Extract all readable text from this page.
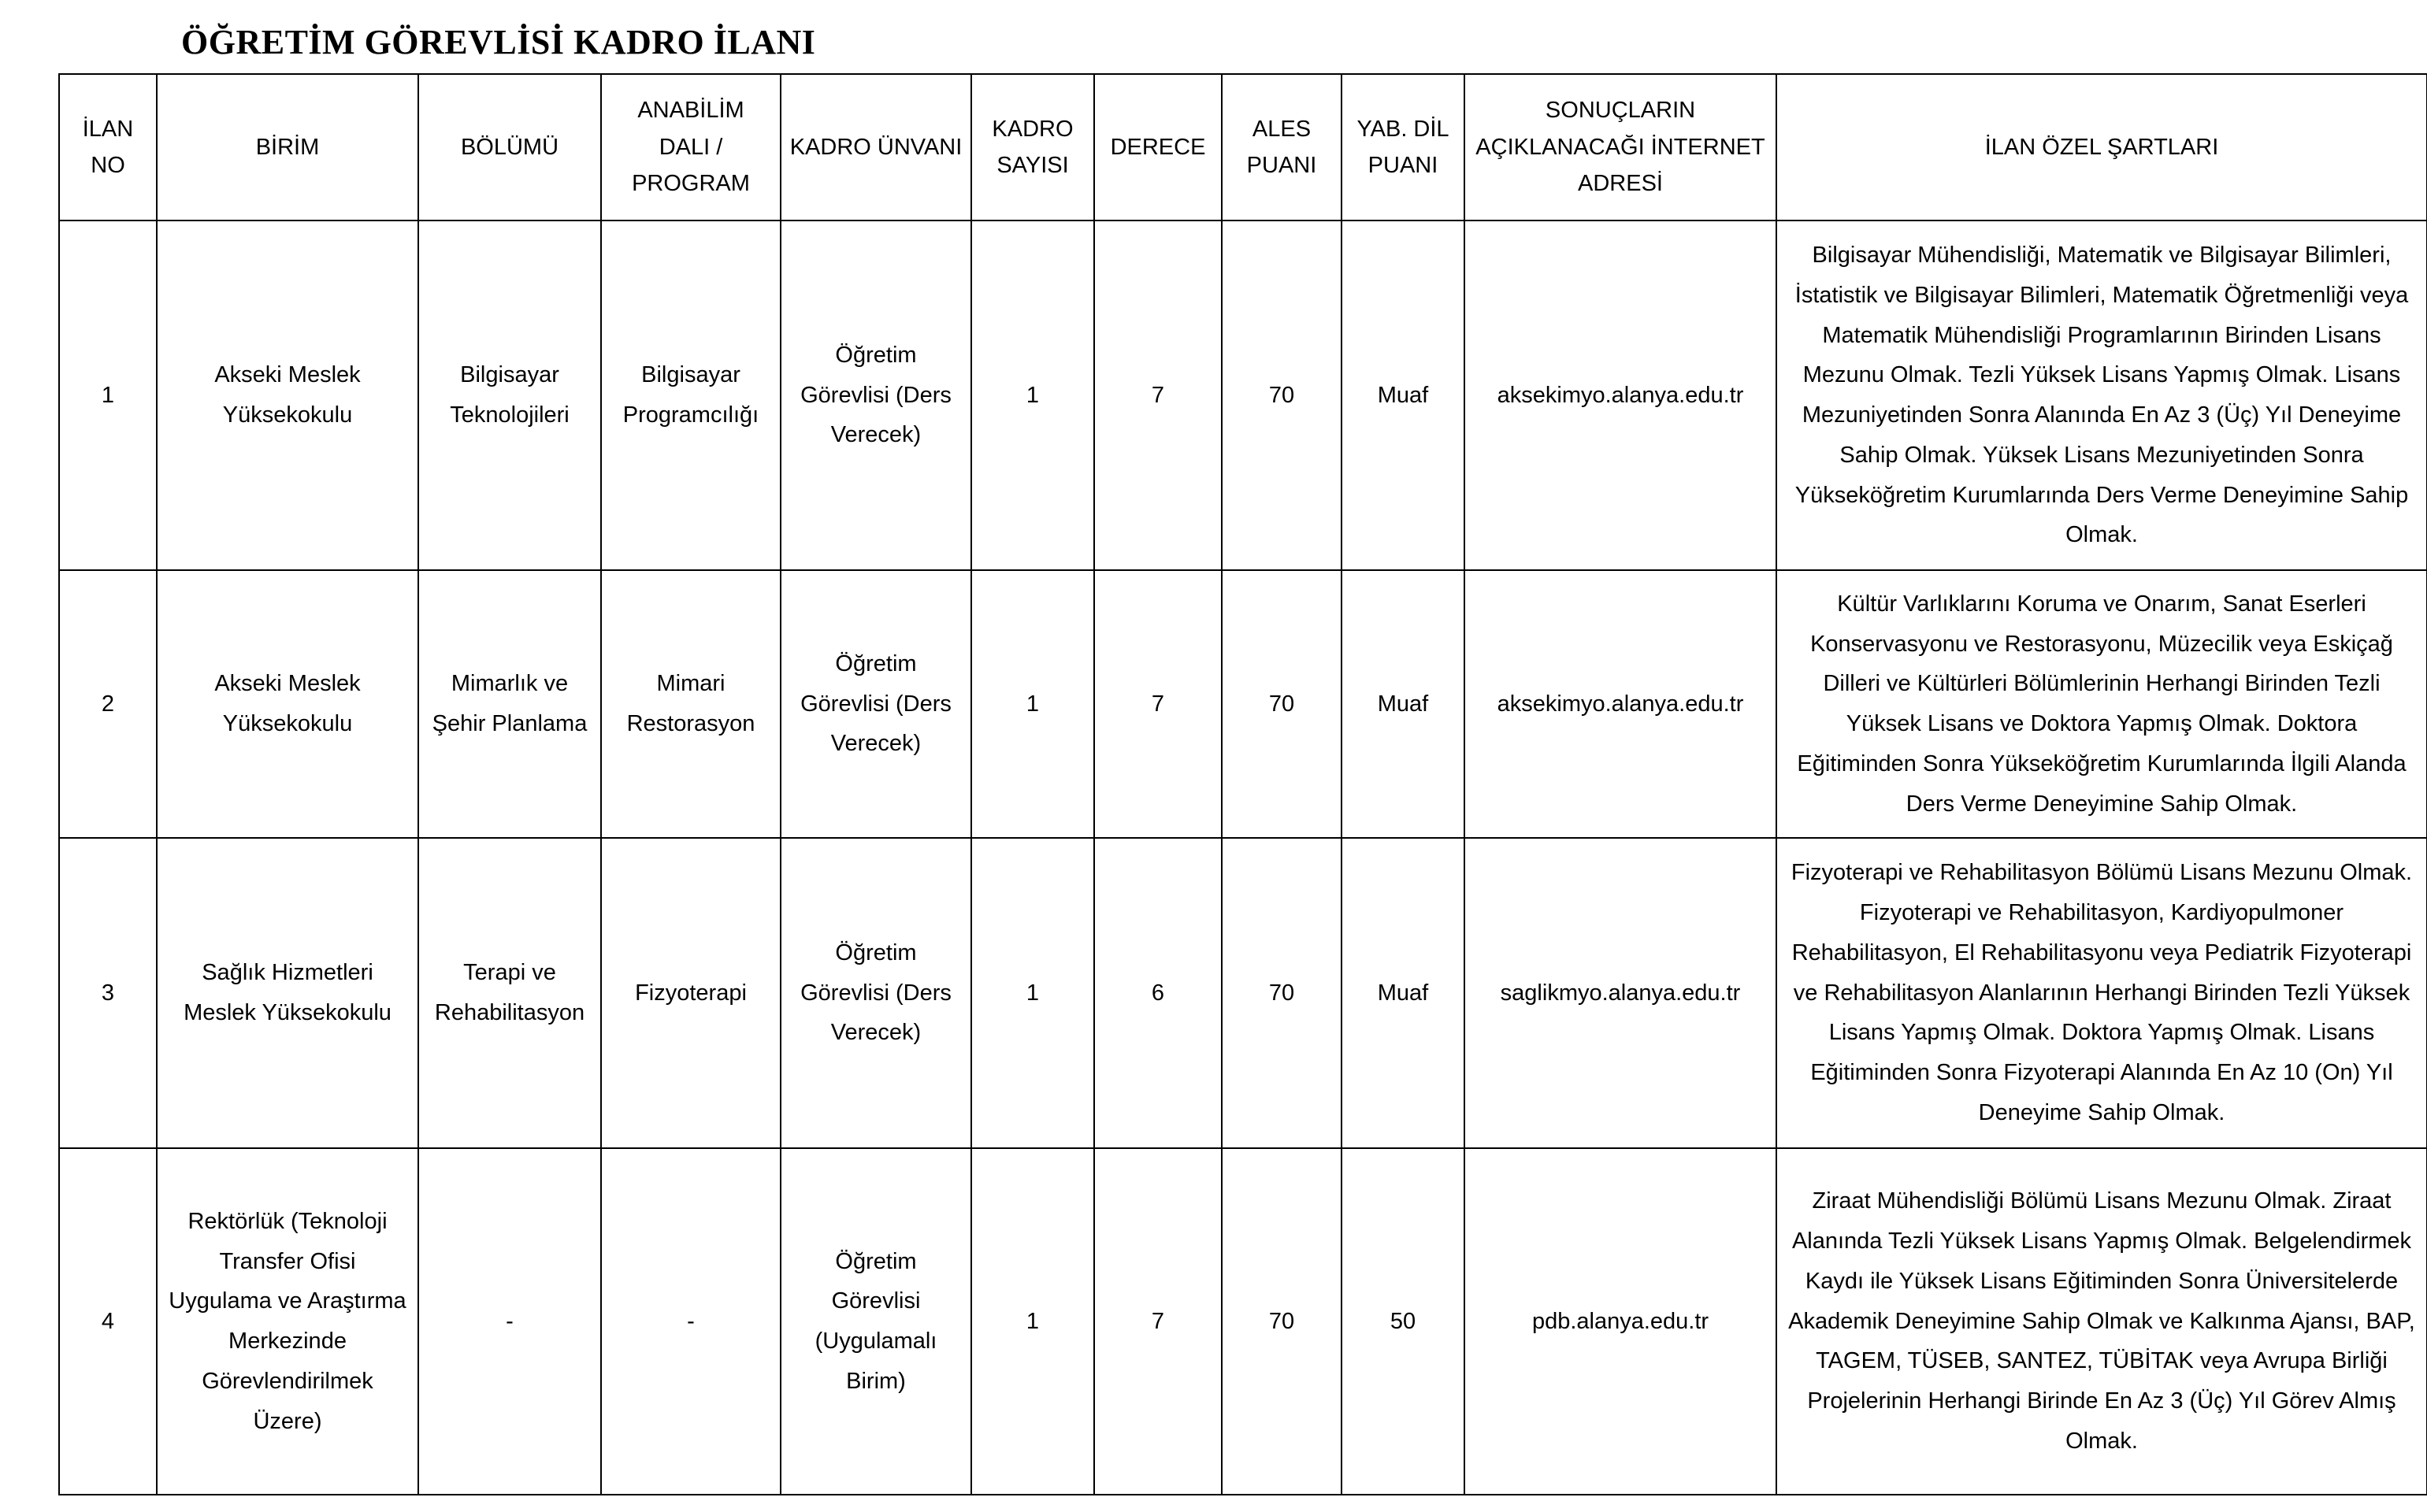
ÖĞRETİM GÖREVLİSİ KADRO İLANI
İLAN NO	BİRİM	BÖLÜMÜ	ANABİLİM DALI / PROGRAM	KADRO ÜNVANI	KADRO SAYISI	DERECE	ALES PUANI	YAB. DİL PUANI	SONUÇLARIN AÇIKLANACAĞI İNTERNET ADRESİ	İLAN ÖZEL ŞARTLARI
1	Akseki Meslek Yüksekokulu	Bilgisayar Teknolojileri	Bilgisayar Programcılığı	Öğretim Görevlisi (Ders Verecek)	1	7	70	Muaf	aksekimyo.alanya.edu.tr	Bilgisayar Mühendisliği, Matematik ve Bilgisayar Bilimleri, İstatistik ve Bilgisayar Bilimleri, Matematik Öğretmenliği veya Matematik Mühendisliği Programlarının Birinden Lisans Mezunu Olmak. Tezli Yüksek Lisans Yapmış Olmak. Lisans Mezuniyetinden Sonra Alanında En Az 3 (Üç) Yıl Deneyime Sahip Olmak. Yüksek Lisans Mezuniyetinden Sonra Yükseköğretim Kurumlarında Ders Verme Deneyimine Sahip Olmak.
2	Akseki Meslek Yüksekokulu	Mimarlık ve Şehir Planlama	Mimari Restorasyon	Öğretim Görevlisi (Ders Verecek)	1	7	70	Muaf	aksekimyo.alanya.edu.tr	Kültür Varlıklarını Koruma ve Onarım, Sanat Eserleri Konservasyonu ve Restorasyonu, Müzecilik veya Eskiçağ Dilleri ve Kültürleri Bölümlerinin Herhangi Birinden Tezli Yüksek Lisans ve Doktora Yapmış Olmak. Doktora Eğitiminden Sonra Yükseköğretim Kurumlarında İlgili Alanda Ders Verme Deneyimine Sahip Olmak.
3	Sağlık Hizmetleri Meslek Yüksekokulu	Terapi ve Rehabilitasyon	Fizyoterapi	Öğretim Görevlisi (Ders Verecek)	1	6	70	Muaf	saglikmyo.alanya.edu.tr	Fizyoterapi ve Rehabilitasyon Bölümü Lisans Mezunu Olmak. Fizyoterapi ve Rehabilitasyon, Kardiyopulmoner Rehabilitasyon, El Rehabilitasyonu veya Pediatrik Fizyoterapi ve Rehabilitasyon Alanlarının Herhangi Birinden Tezli Yüksek Lisans Yapmış Olmak. Doktora Yapmış Olmak. Lisans Eğitiminden Sonra Fizyoterapi Alanında En Az 10 (On) Yıl Deneyime Sahip Olmak.
4	Rektörlük (Teknoloji Transfer Ofisi Uygulama ve Araştırma Merkezinde Görevlendirilmek Üzere)	-	-	Öğretim Görevlisi (Uygulamalı Birim)	1	7	70	50	pdb.alanya.edu.tr	Ziraat Mühendisliği Bölümü Lisans Mezunu Olmak. Ziraat Alanında Tezli Yüksek Lisans Yapmış Olmak. Belgelendirmek Kaydı ile Yüksek Lisans Eğitiminden Sonra Üniversitelerde Akademik Deneyimine Sahip Olmak ve Kalkınma Ajansı, BAP, TAGEM, TÜSEB, SANTEZ, TÜBİTAK veya Avrupa Birliği Projelerinin Herhangi Birinde En Az 3 (Üç) Yıl Görev Almış Olmak.
